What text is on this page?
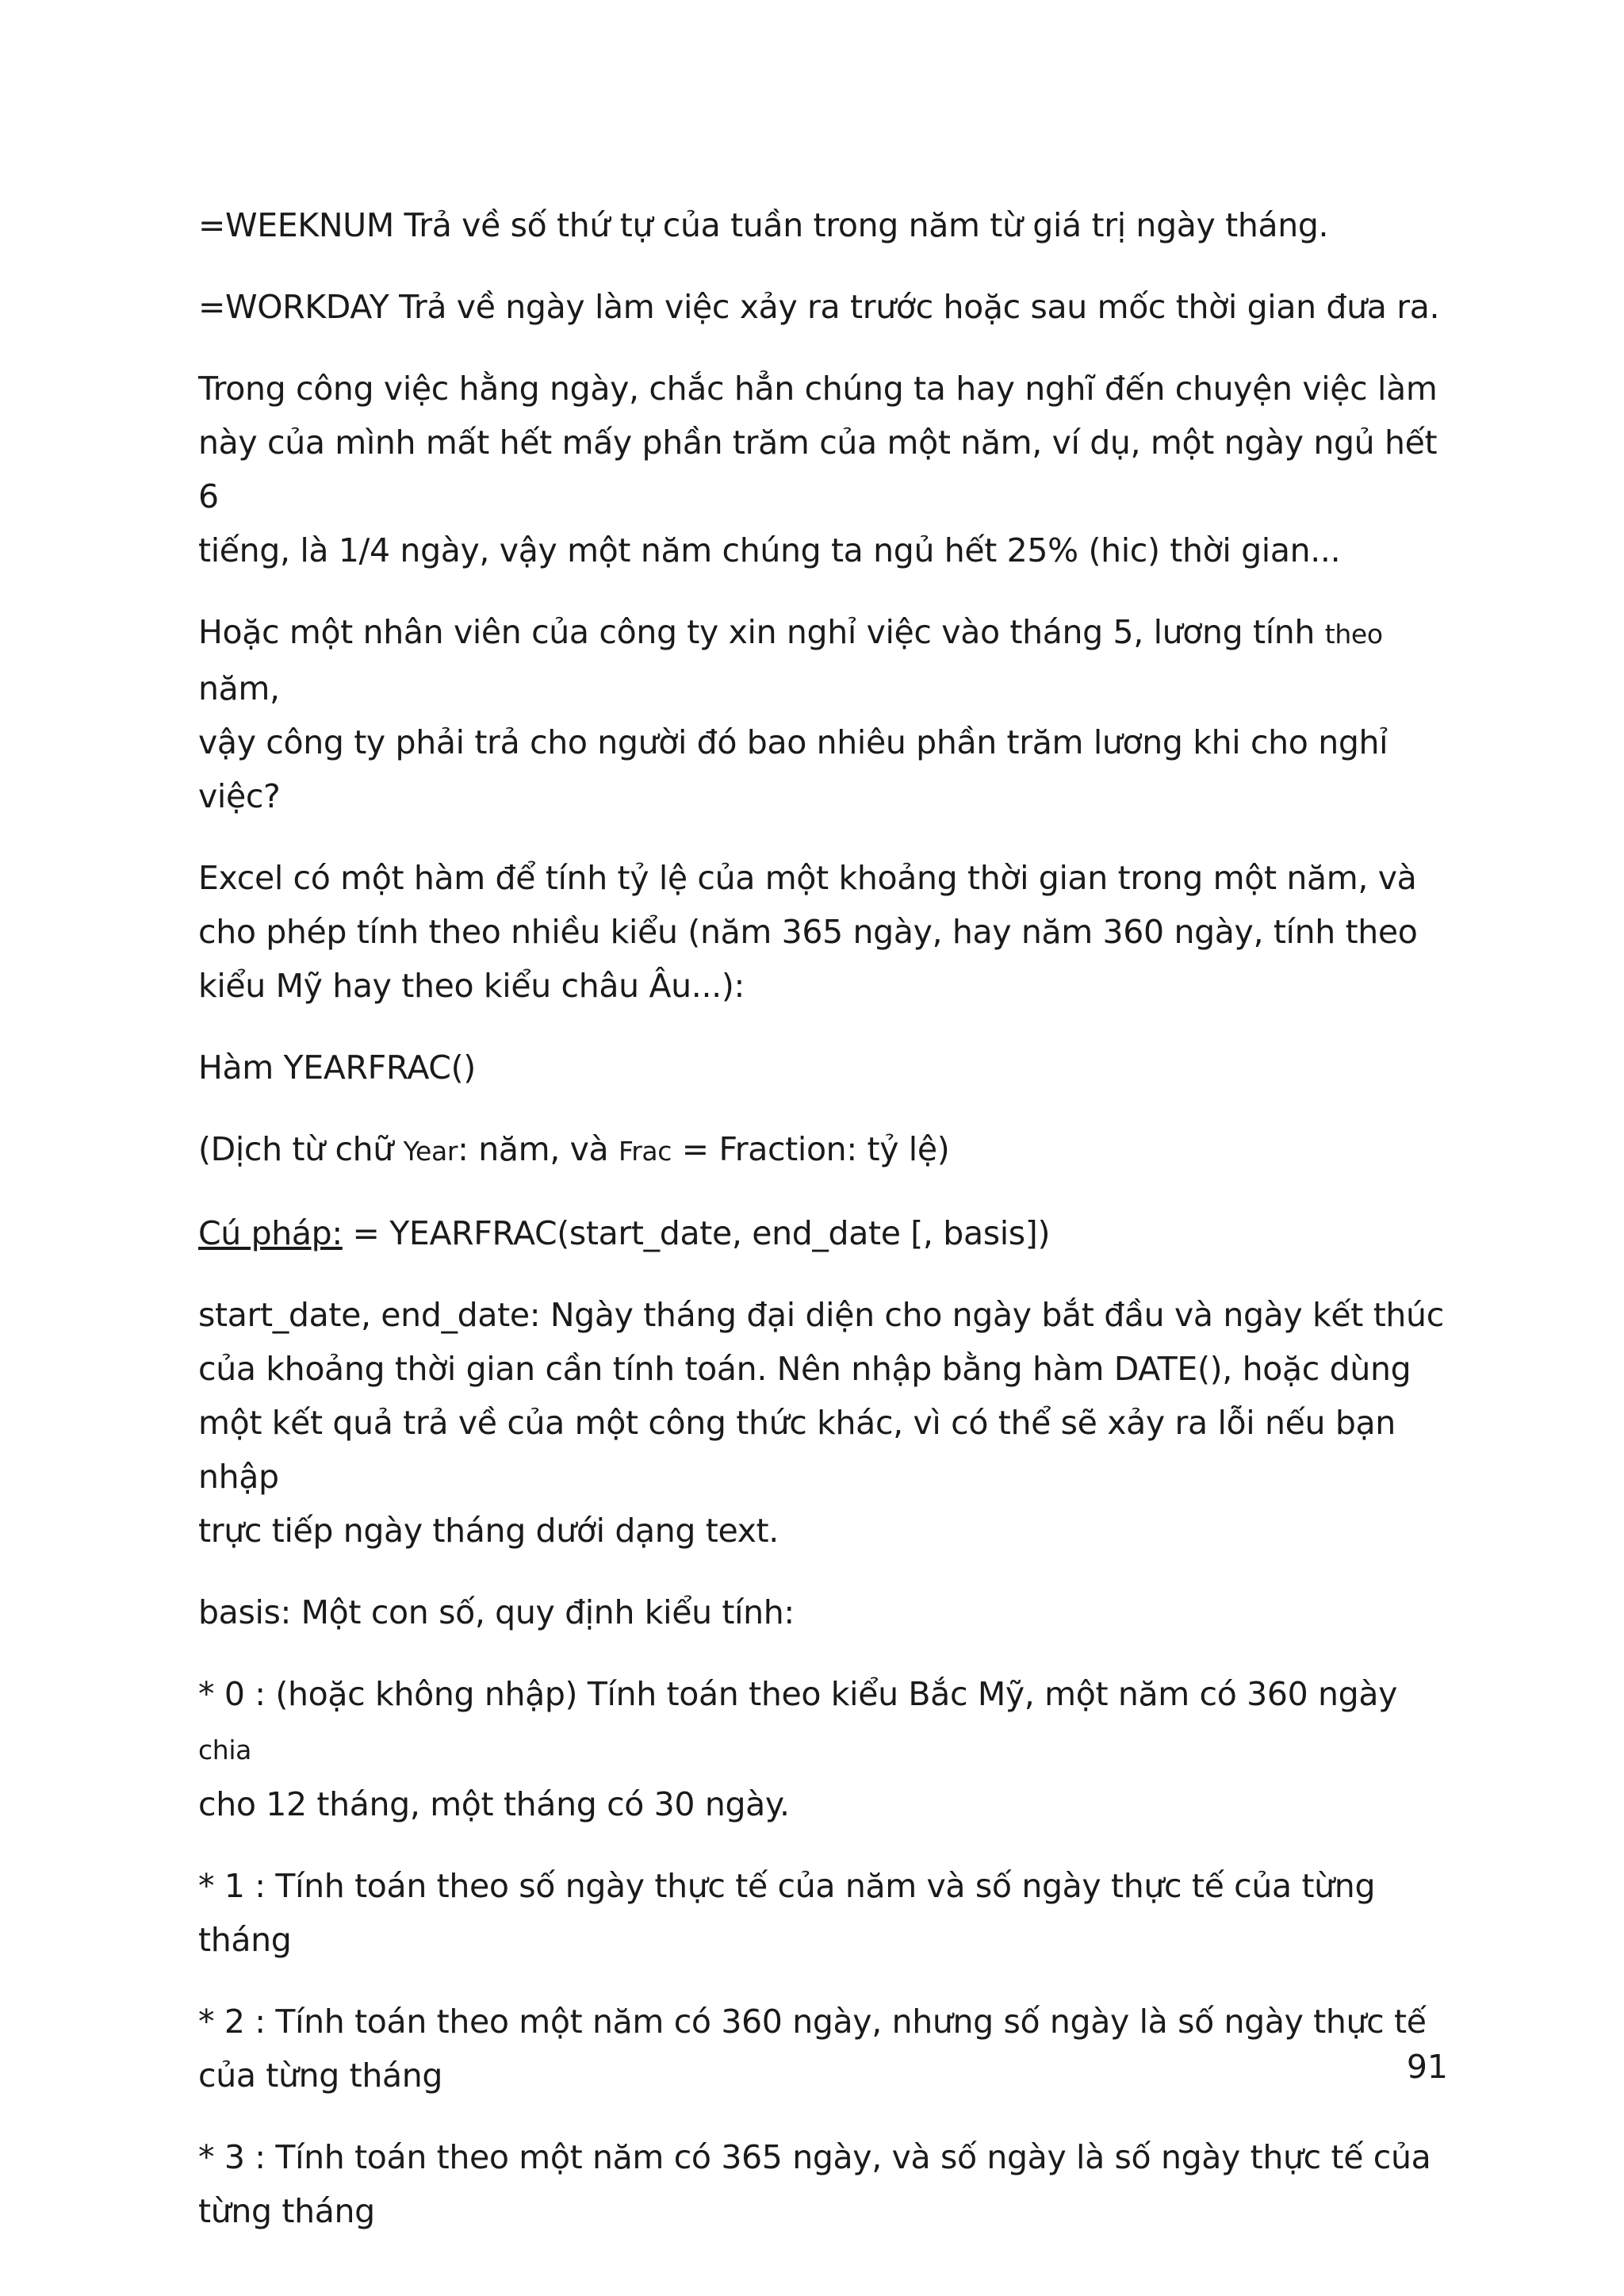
=WEEKNUM Trả về số thứ tự của tuần trong năm từ giá trị ngày tháng.

=WORKDAY Trả về ngày làm việc xảy ra trước hoặc sau mốc thời gian đưa ra.

Trong công việc hằng ngày, chắc hẳn chúng ta hay nghĩ đến chuyện việc làm
này của mình mất hết mấy phần trăm của một năm, ví dụ, một ngày ngủ hết 6
tiếng, là 1/4 ngày, vậy một năm chúng ta ngủ hết 25% (hic) thời gian...

Hoặc một nhân viên của công ty xin nghỉ việc vào tháng 5, lương tính theo năm,
vậy công ty phải trả cho người đó bao nhiêu phần trăm lương khi cho nghỉ
việc?

Excel có một hàm để tính tỷ lệ của một khoảng thời gian trong một năm, và
cho phép tính theo nhiều kiểu (năm 365 ngày, hay năm 360 ngày, tính theo
kiểu Mỹ hay theo kiểu châu Âu...):

Hàm YEARFRAC()

(Dịch từ chữ Year: năm, và Frac = Fraction: tỷ lệ)

Cú pháp: = YEARFRAC(start_date, end_date [, basis])

start_date, end_date: Ngày tháng đại diện cho ngày bắt đầu và ngày kết thúc
của khoảng thời gian cần tính toán. Nên nhập bằng hàm DATE(), hoặc dùng
một kết quả trả về của một công thức khác, vì có thể sẽ xảy ra lỗi nếu bạn nhập
trực tiếp ngày tháng dưới dạng text.

basis: Một con số, quy định kiểu tính:

* 0 : (hoặc không nhập) Tính toán theo kiểu Bắc Mỹ, một năm có 360 ngày chia
cho 12 tháng, một tháng có 30 ngày.

* 1 : Tính toán theo số ngày thực tế của năm và số ngày thực tế của từng tháng

* 2 : Tính toán theo một năm có 360 ngày, nhưng số ngày là số ngày thực tế
của từng tháng

* 3 : Tính toán theo một năm có 365 ngày, và số ngày là số ngày thực tế của
từng tháng

91
